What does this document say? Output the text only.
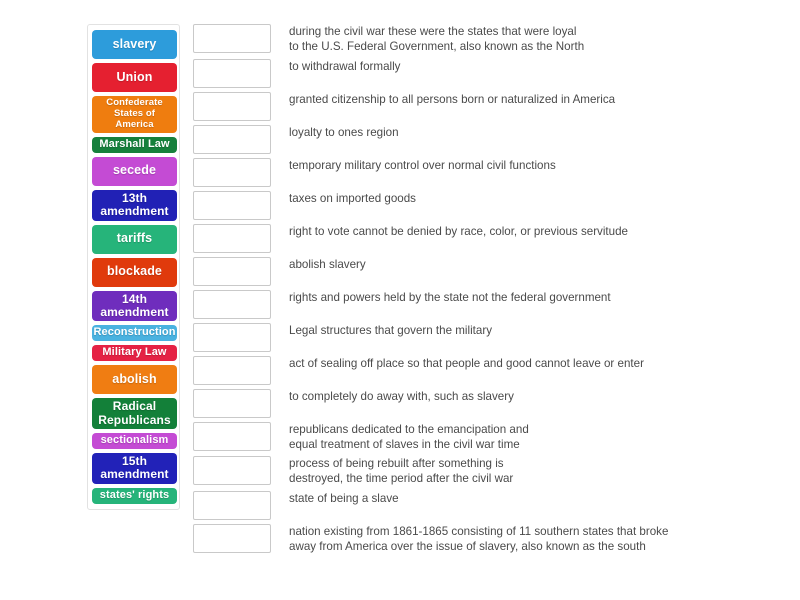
slavery
Union
Confederate
States of America
Marshall Law
secede
13th
amendment
tariffs
blockade
14th
amendment
Reconstruction
Military Law
abolish
Radical
Republicans
sectionalism
15th
amendment
states' rights
during the civil war these were the states that were loyal
to the U.S. Federal Government, also known as the North
to withdrawal formally
granted citizenship to all persons born or naturalized in America
loyalty to ones region
temporary military control over normal civil functions
taxes on imported goods
right to vote cannot be denied by race, color, or previous servitude
abolish slavery
rights and powers held by the state not the federal government
Legal structures that govern the military
act of sealing off place so that people and good cannot leave or enter
to completely do away with, such as slavery
republicans dedicated to the emancipation and
equal treatment of slaves in the civil war time
process of being rebuilt after something is
destroyed, the time period after the civil war
state of being a slave
nation existing from 1861-1865 consisting of 11 southern states that broke
away from America over the issue of slavery, also known as the south
